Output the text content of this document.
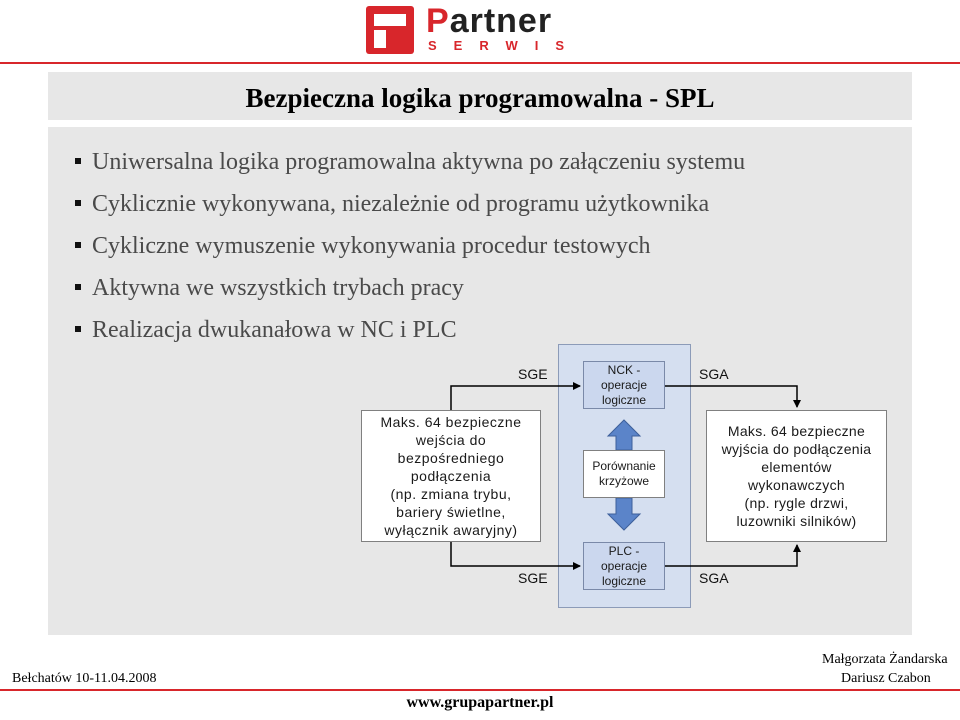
Partner
SERWIS
Bezpieczna logika programowalna - SPL
Uniwersalna logika programowalna aktywna po załączeniu systemu
Cyklicznie wykonywana, niezależnie od programu użytkownika
Cykliczne wymuszenie wykonywania procedur testowych
Aktywna we wszystkich trybach pracy
Realizacja dwukanałowa w NC i PLC
Maks. 64 bezpieczne
wejścia do
bezpośredniego
podłączenia
(np. zmiana trybu,
bariery świetlne,
wyłącznik awaryjny)
Maks. 64 bezpieczne
wyjścia do podłączenia
elementów
wykonawczych
(np. rygle drzwi,
luzowniki silników)
NCK -
operacje
logiczne
PLC -
operacje
logiczne
Porównanie
krzyżowe
SGE	SGA
SGE	SGA
Bełchatów 10-11.04.2008
Małgorzata Żandarska
Dariusz Czabon
www.grupapartner.pl
